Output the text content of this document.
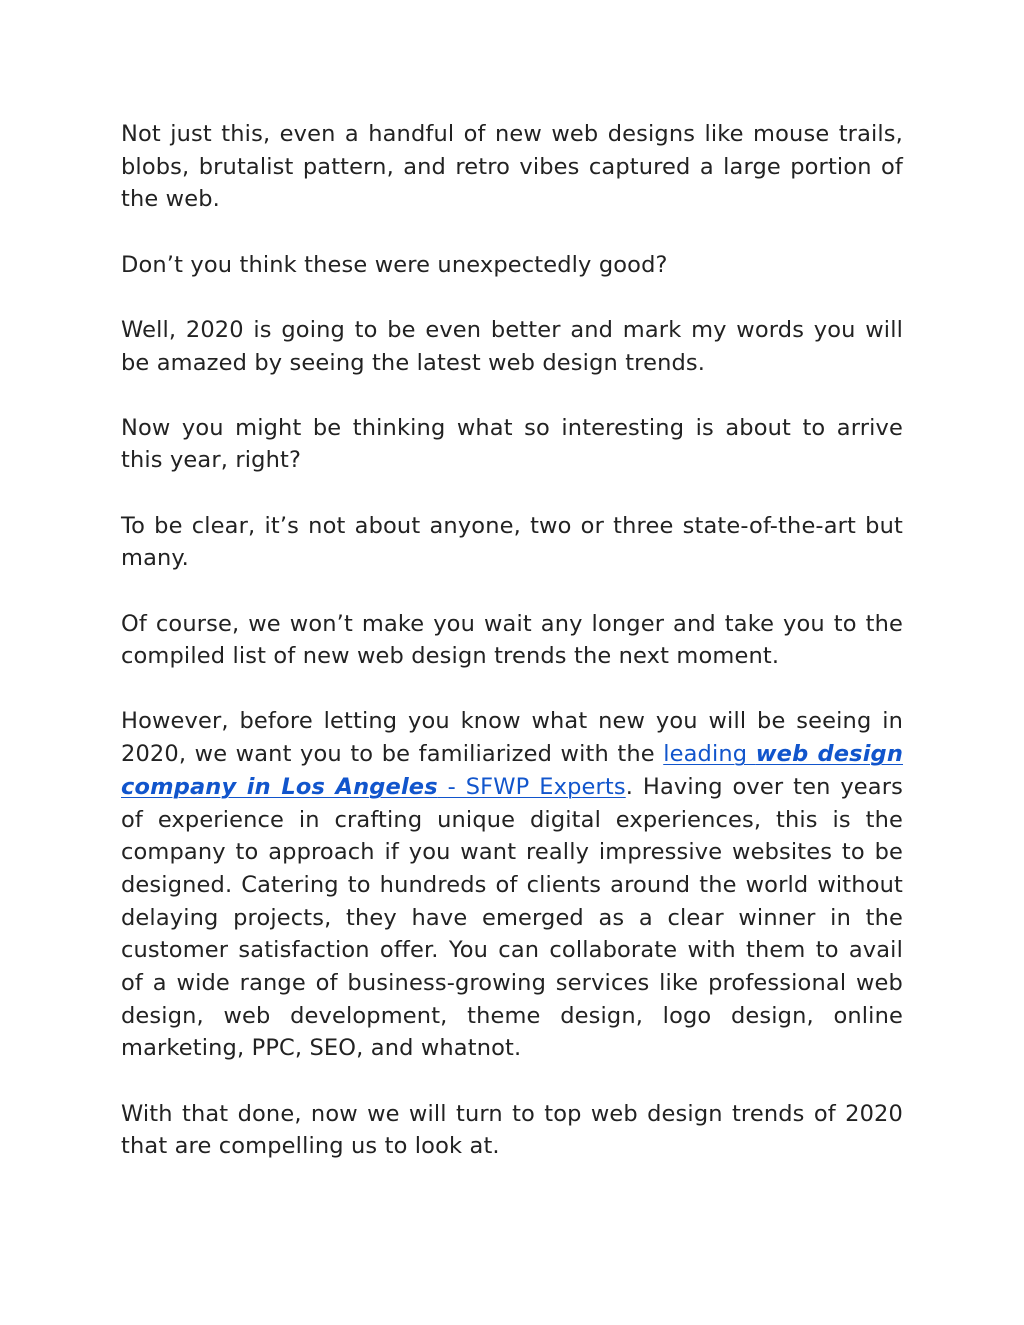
Not just this, even a handful of new web designs like mouse trails, blobs, brutalist pattern, and retro vibes captured a large portion of the web.

Don’t you think these were unexpectedly good?

Well, 2020 is going to be even better and mark my words you will be amazed by seeing the latest web design trends.

Now you might be thinking what so interesting is about to arrive this year, right?

To be clear, it’s not about anyone, two or three state-of-the-art but many.

Of course, we won’t make you wait any longer and take you to the compiled list of new web design trends the next moment.

However, before letting you know what new you will be seeing in 2020, we want you to be familiarized with the leading web design company in Los Angeles - SFWP Experts. Having over ten years of experience in crafting unique digital experiences, this is the company to approach if you want really impressive websites to be designed. Catering to hundreds of clients around the world without delaying projects, they have emerged as a clear winner in the customer satisfaction offer. You can collaborate with them to avail of a wide range of business-growing services like professional web design, web development, theme design, logo design, online marketing, PPC, SEO, and whatnot.

With that done, now we will turn to top web design trends of 2020 that are compelling us to look at.
